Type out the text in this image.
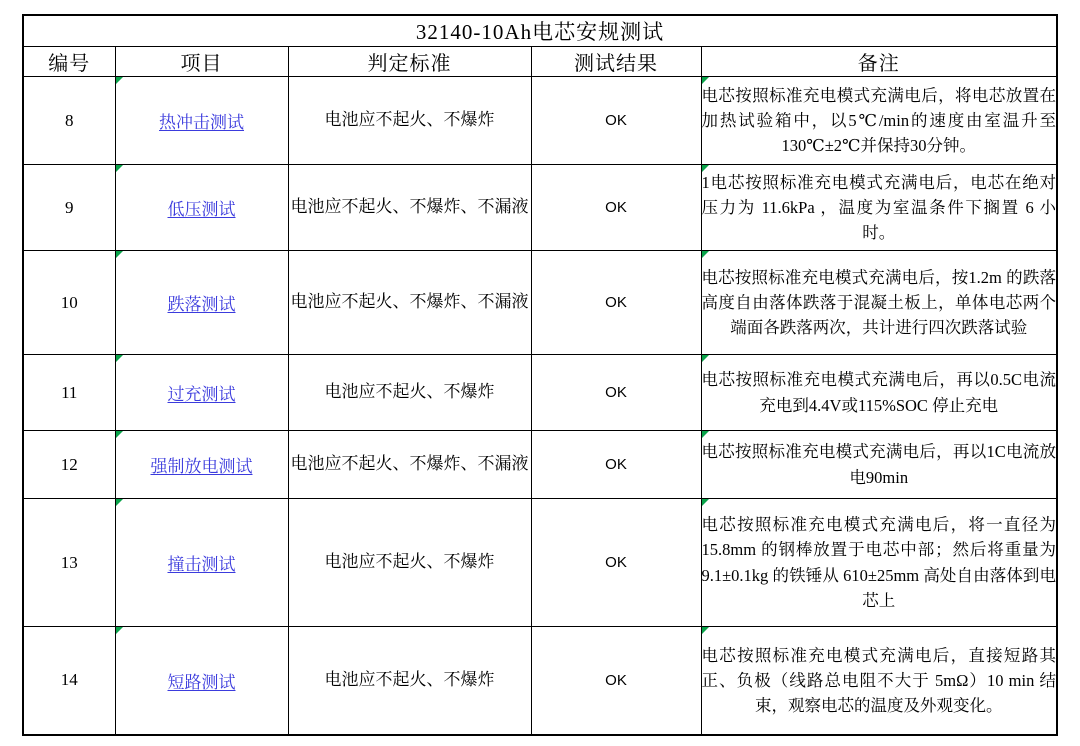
32140-10Ah电芯安规测试				
编号	项目	判定标准	测试结果	备注
8	热冲击测试	电池应不起火、不爆炸	OK	电芯按照标准充电模式充满电后，将电芯放置在加热试验箱中，以5℃/min的速度由室温升至130℃±2℃并保持30分钟。
9	低压测试	电池应不起火、不爆炸、不漏液	OK	1电芯按照标准充电模式充满电后，电芯在绝对压力为 11.6kPa ，温度为室温条件下搁置 6 小时。
10	跌落测试	电池应不起火、不爆炸、不漏液	OK	电芯按照标准充电模式充满电后，按1.2m 的跌落高度自由落体跌落于混凝土板上，单体电芯两个端面各跌落两次，共计进行四次跌落试验
11	过充测试	电池应不起火、不爆炸	OK	电芯按照标准充电模式充满电后，再以0.5C电流充电到4.4V或115%SOC 停止充电
12	强制放电测试	电池应不起火、不爆炸、不漏液	OK	电芯按照标准充电模式充满电后，再以1C电流放电90min
13	撞击测试	电池应不起火、不爆炸	OK	电芯按照标准充电模式充满电后，将一直径为 15.8mm 的钢棒放置于电芯中部；然后将重量为 9.1±0.1kg 的铁锤从 610±25mm 高处自由落体到电芯上
14	短路测试	电池应不起火、不爆炸	OK	电芯按照标准充电模式充满电后，直接短路其正、负极（线路总电阻不大于 5mΩ）10 min 结束，观察电芯的温度及外观变化。
